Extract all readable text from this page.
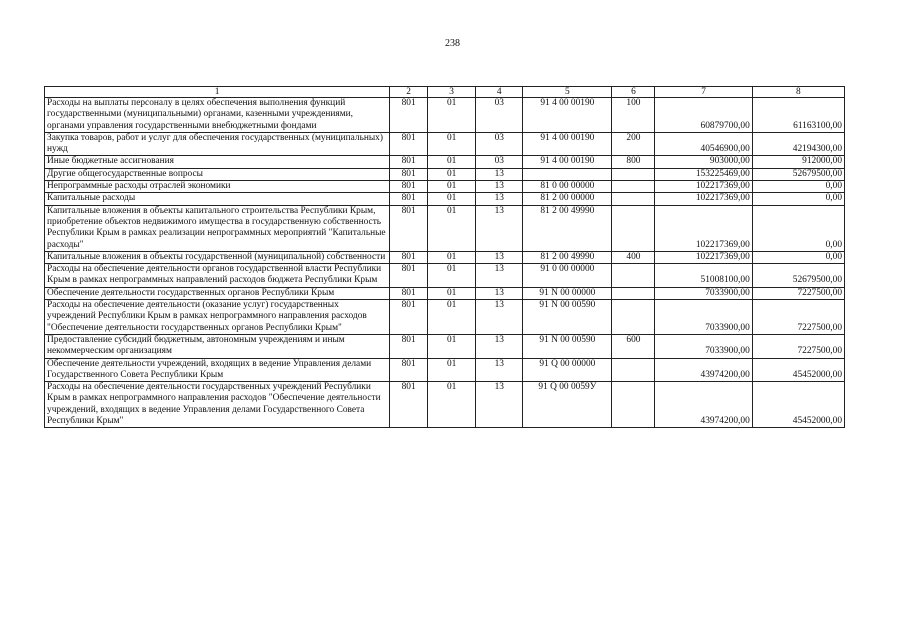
238
1	2	3	4	5	6	7	8
Расходы на выплаты персоналу в целях обеспечения выполнения функций государственными (муниципальными) органами, казенными учреждениями, органами управления государственными внебюджетными фондами	801	01	03	91 4 00 00190	100	60879700,00	61163100,00
Закупка товаров, работ и услуг для обеспечения государственных (муниципальных) нужд	801	01	03	91 4 00 00190	200	40546900,00	42194300,00
Иные бюджетные ассигнования	801	01	03	91 4 00 00190	800	903000,00	912000,00
Другие общегосударственные вопросы	801	01	13			153225469,00	52679500,00
Непрограммные расходы отраслей экономики	801	01	13	81 0 00 00000		102217369,00	0,00
Капитальные расходы	801	01	13	81 2 00 00000		102217369,00	0,00
Капитальные вложения в объекты капитального строительства Республики Крым, приобретение объектов недвижимого имущества в государственную собственность Республики Крым в рамках реализации непрограммных мероприятий "Капитальные расходы"	801	01	13	81 2 00 49990		102217369,00	0,00
Капитальные вложения в объекты государственной (муниципальной) собственности	801	01	13	81 2 00 49990	400	102217369,00	0,00
Расходы на обеспечение деятельности органов государственной власти Республики Крым в рамках непрограммных направлений расходов бюджета Республики Крым	801	01	13	91 0 00 00000		51008100,00	52679500,00
Обеспечение деятельности государственных органов Республики Крым	801	01	13	91 N 00 00000		7033900,00	7227500,00
Расходы на обеспечение деятельности (оказание услуг) государственных учреждений Республики Крым в рамках непрограммного направления расходов "Обеспечение деятельности государственных органов Республики Крым"	801	01	13	91 N 00 00590		7033900,00	7227500,00
Предоставление субсидий бюджетным, автономным учреждениям и иным некоммерческим организациям	801	01	13	91 N 00 00590	600	7033900,00	7227500,00
Обеспечение деятельности учреждений, входящих в ведение Управления делами Государственного Совета Республики Крым	801	01	13	91 Q 00 00000		43974200,00	45452000,00
Расходы на обеспечение деятельности государственных учреждений Республики Крым в рамках непрограммного направления расходов "Обеспечение деятельности учреждений, входящих в ведение Управления делами Государственного Совета Республики Крым"	801	01	13	91 Q 00 0059У		43974200,00	45452000,00
